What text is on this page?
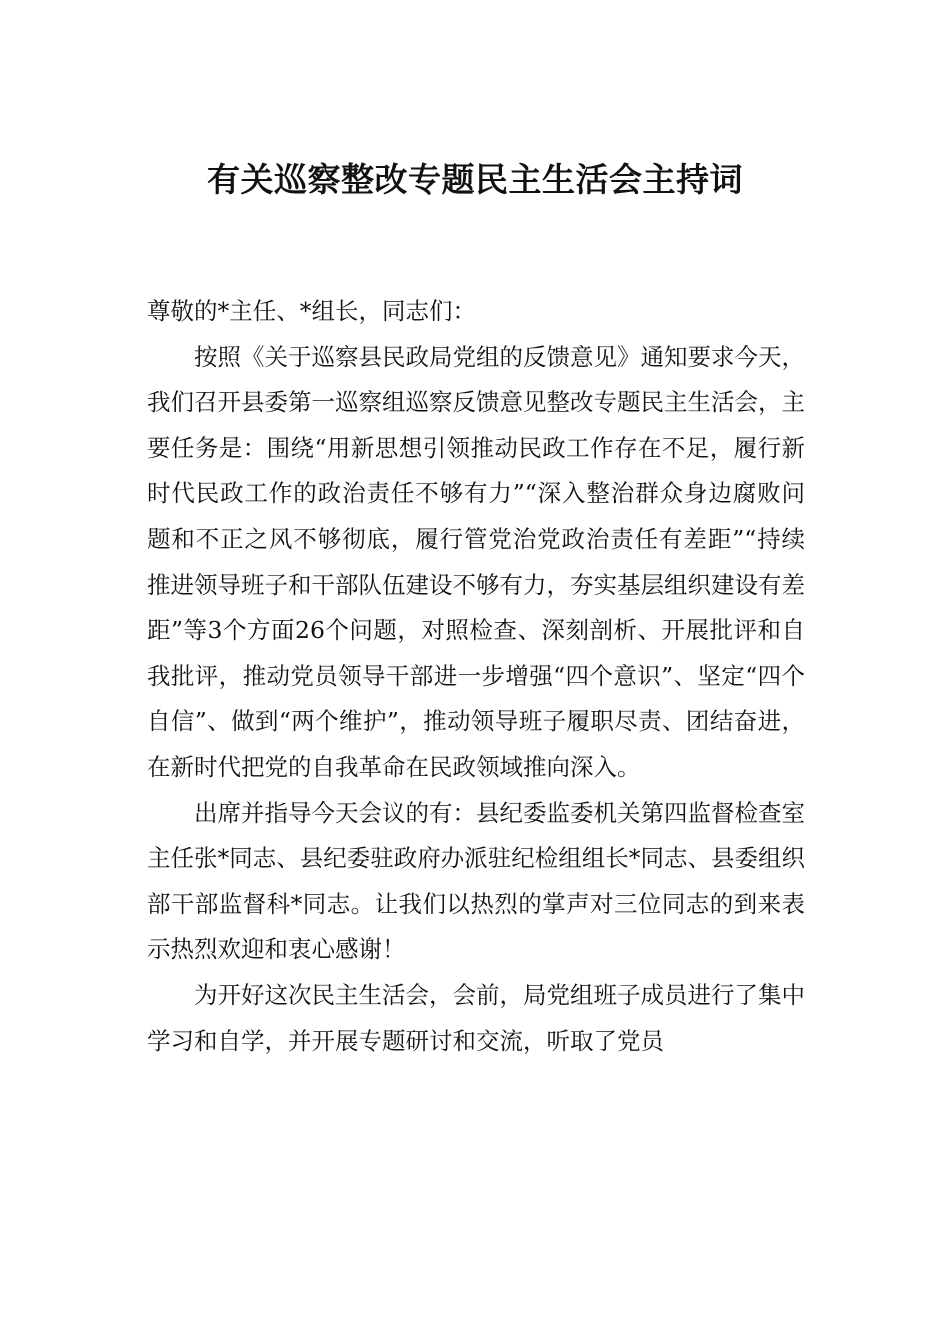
有关巡察整改专题民主生活会主持词

尊敬的*主任、*组长，同志们：

按照《关于巡察县民政局党组的反馈意见》通知要求今天，我们召开县委第一巡察组巡察反馈意见整改专题民主生活会，主要任务是：围绕“用新思想引领推动民政工作存在不足，履行新时代民政工作的政治责任不够有力”“深入整治群众身边腐败问题和不正之风不够彻底，履行管党治党政治责任有差距”“持续推进领导班子和干部队伍建设不够有力，夯实基层组织建设有差距”等3个方面26个问题，对照检查、深刻剖析、开展批评和自我批评，推动党员领导干部进一步增强“四个意识”、坚定“四个自信”、做到“两个维护”，推动领导班子履职尽责、团结奋进，在新时代把党的自我革命在民政领域推向深入。

出席并指导今天会议的有：县纪委监委机关第四监督检查室主任张*同志、县纪委驻政府办派驻纪检组组长*同志、县委组织部干部监督科*同志。让我们以热烈的掌声对三位同志的到来表示热烈欢迎和衷心感谢！

为开好这次民主生活会，会前，局党组班子成员进行了集中学习和自学，并开展专题研讨和交流，听取了党员
